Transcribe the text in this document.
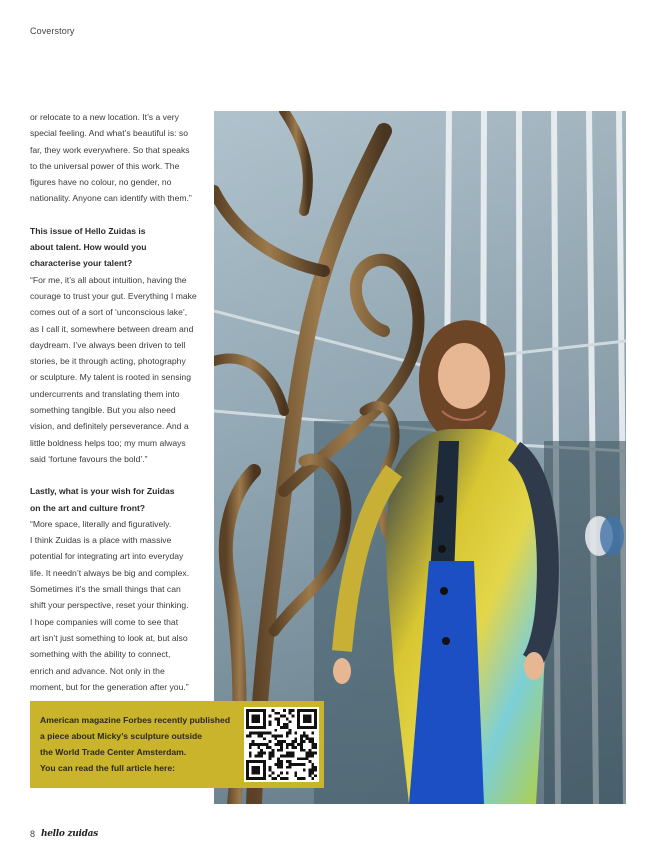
Coverstory

or relocate to a new location. It’s a very
special feeling. And what’s beautiful is: so
far, they work everywhere. So that speaks
to the universal power of this work. The
figures have no colour, no gender, no
nationality. Anyone can identify with them.”

This issue of Hello Zuidas is
about talent. How would you
characterise your talent?
“For me, it’s all about intuition, having the
courage to trust your gut. Everything I make
comes out of a sort of ‘unconscious lake’,
as I call it, somewhere between dream and
daydream. I’ve always been driven to tell
stories, be it through acting, photography
or sculpture. My talent is rooted in sensing
undercurrents and translating them into
something tangible. But you also need
vision, and definitely perseverance. And a
little boldness helps too; my mum always
said ‘fortune favours the bold’.”

Lastly, what is your wish for Zuidas
on the art and culture front?
“More space, literally and figuratively.
I think Zuidas is a place with massive
potential for integrating art into everyday
life. It needn’t always be big and complex.
Sometimes it’s the small things that can
shift your perspective, reset your thinking.
I hope companies will come to see that
art isn’t just something to look at, but also
something with the ability to connect,
enrich and advance. Not only in the
moment, but for the generation after you.”

American magazine Forbes recently published
a piece about Micky’s sculpture outside
the World Trade Center Amsterdam.
You can read the full article here:
8 hello zuidas
